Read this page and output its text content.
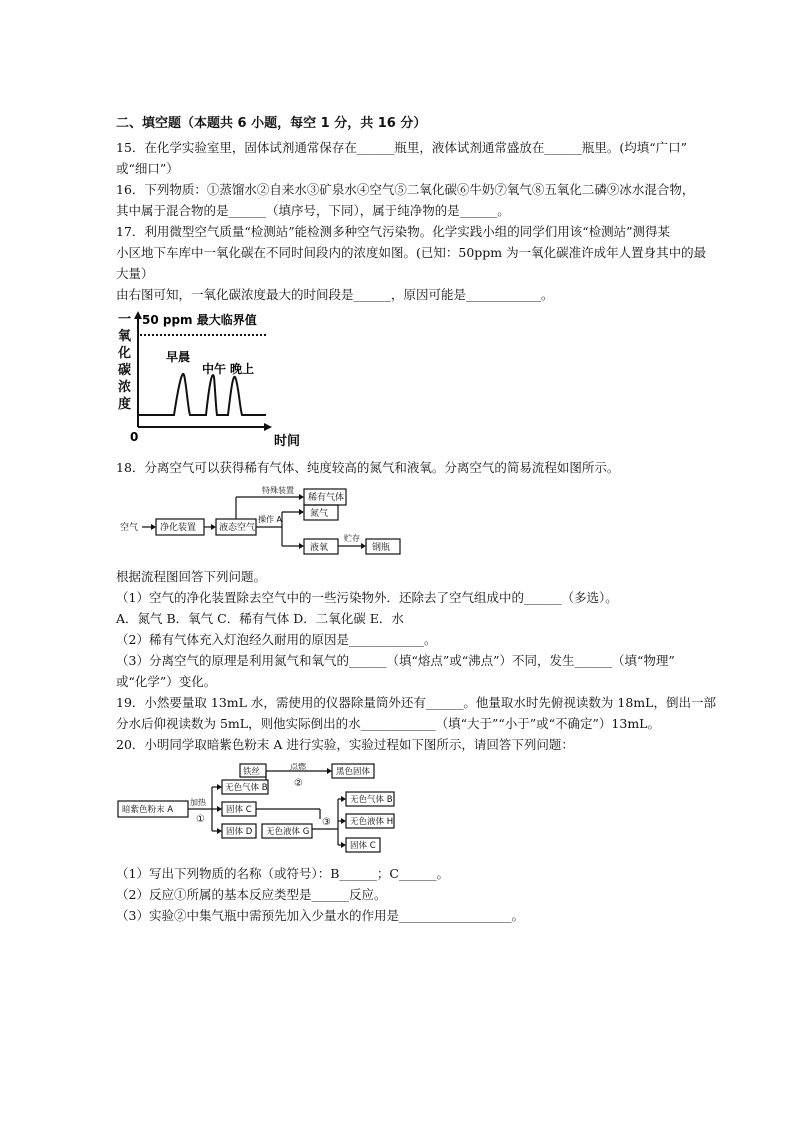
二、填空题（本题共 6 小题，每空 1 分，共 16 分）
15．在化学实验室里，固体试剂通常保存在______瓶里，液体试剂通常盛放在______瓶里。(均填“广口”
或“细口”）
16．下列物质：①蒸馏水②自来水③矿泉水④空气⑤二氧化碳⑥牛奶⑦氧气⑧五氧化二磷⑨冰水混合物，
其中属于混合物的是______（填序号，下同），属于纯净物的是______。
17．利用微型空气质量“检测站”能检测多种空气污染物。化学实践小组的同学们用该“检测站”测得某
小区地下车库中一氧化碳在不同时间段内的浓度如图。(已知：50ppm 为一氧化碳准许成年人置身其中的最
大量）
由右图可知，一氧化碳浓度最大的时间段是______，原因可能是____________。
一氧化碳浓度
50 ppm 最大临界值
早晨
中午 晚上
0	时间
18．分离空气可以获得稀有气体、纯度较高的氮气和液氧。分离空气的简易流程如图所示。
空气 净化装置	液态空气
特殊装置
稀有气体
操作 A
氮气
液氧
贮存
钢瓶
根据流程图回答下列问题。
（1）空气的净化装置除去空气中的一些污染物外．还除去了空气组成中的______（多选）。
A．氮气 B．氧气 C．稀有气体 D．二氧化碳 E．水
（2）稀有气体充入灯泡经久耐用的原因是____________。
（3）分离空气的原理是利用氮气和氧气的______（填“熔点”或“沸点”）不同，发生______（填“物理”
或“化学”）变化。
19．小然要量取 13mL 水，需使用的仪器除量筒外还有______。他量取水时先俯视读数为 18mL，倒出一部
分水后仰视读数为 5mL，则他实际倒出的水____________（填“大于”“小于”或“不确定”）13mL。
20．小明同学取暗紫色粉末 A 进行实验，实验过程如下图所示，请回答下列问题：
暗紫色粉末 A
加热
①
无色气体 B
铁丝
点燃
②
黑色固体
固体 C
固体 D 无色液体 G
③
无色气体 B
无色液体 H
固体 C
（1）写出下列物质的名称（或符号）：B______；C______。
（2）反应①所属的基本反应类型是______反应。
（3）实验②中集气瓶中需预先加入少量水的作用是__________________。
